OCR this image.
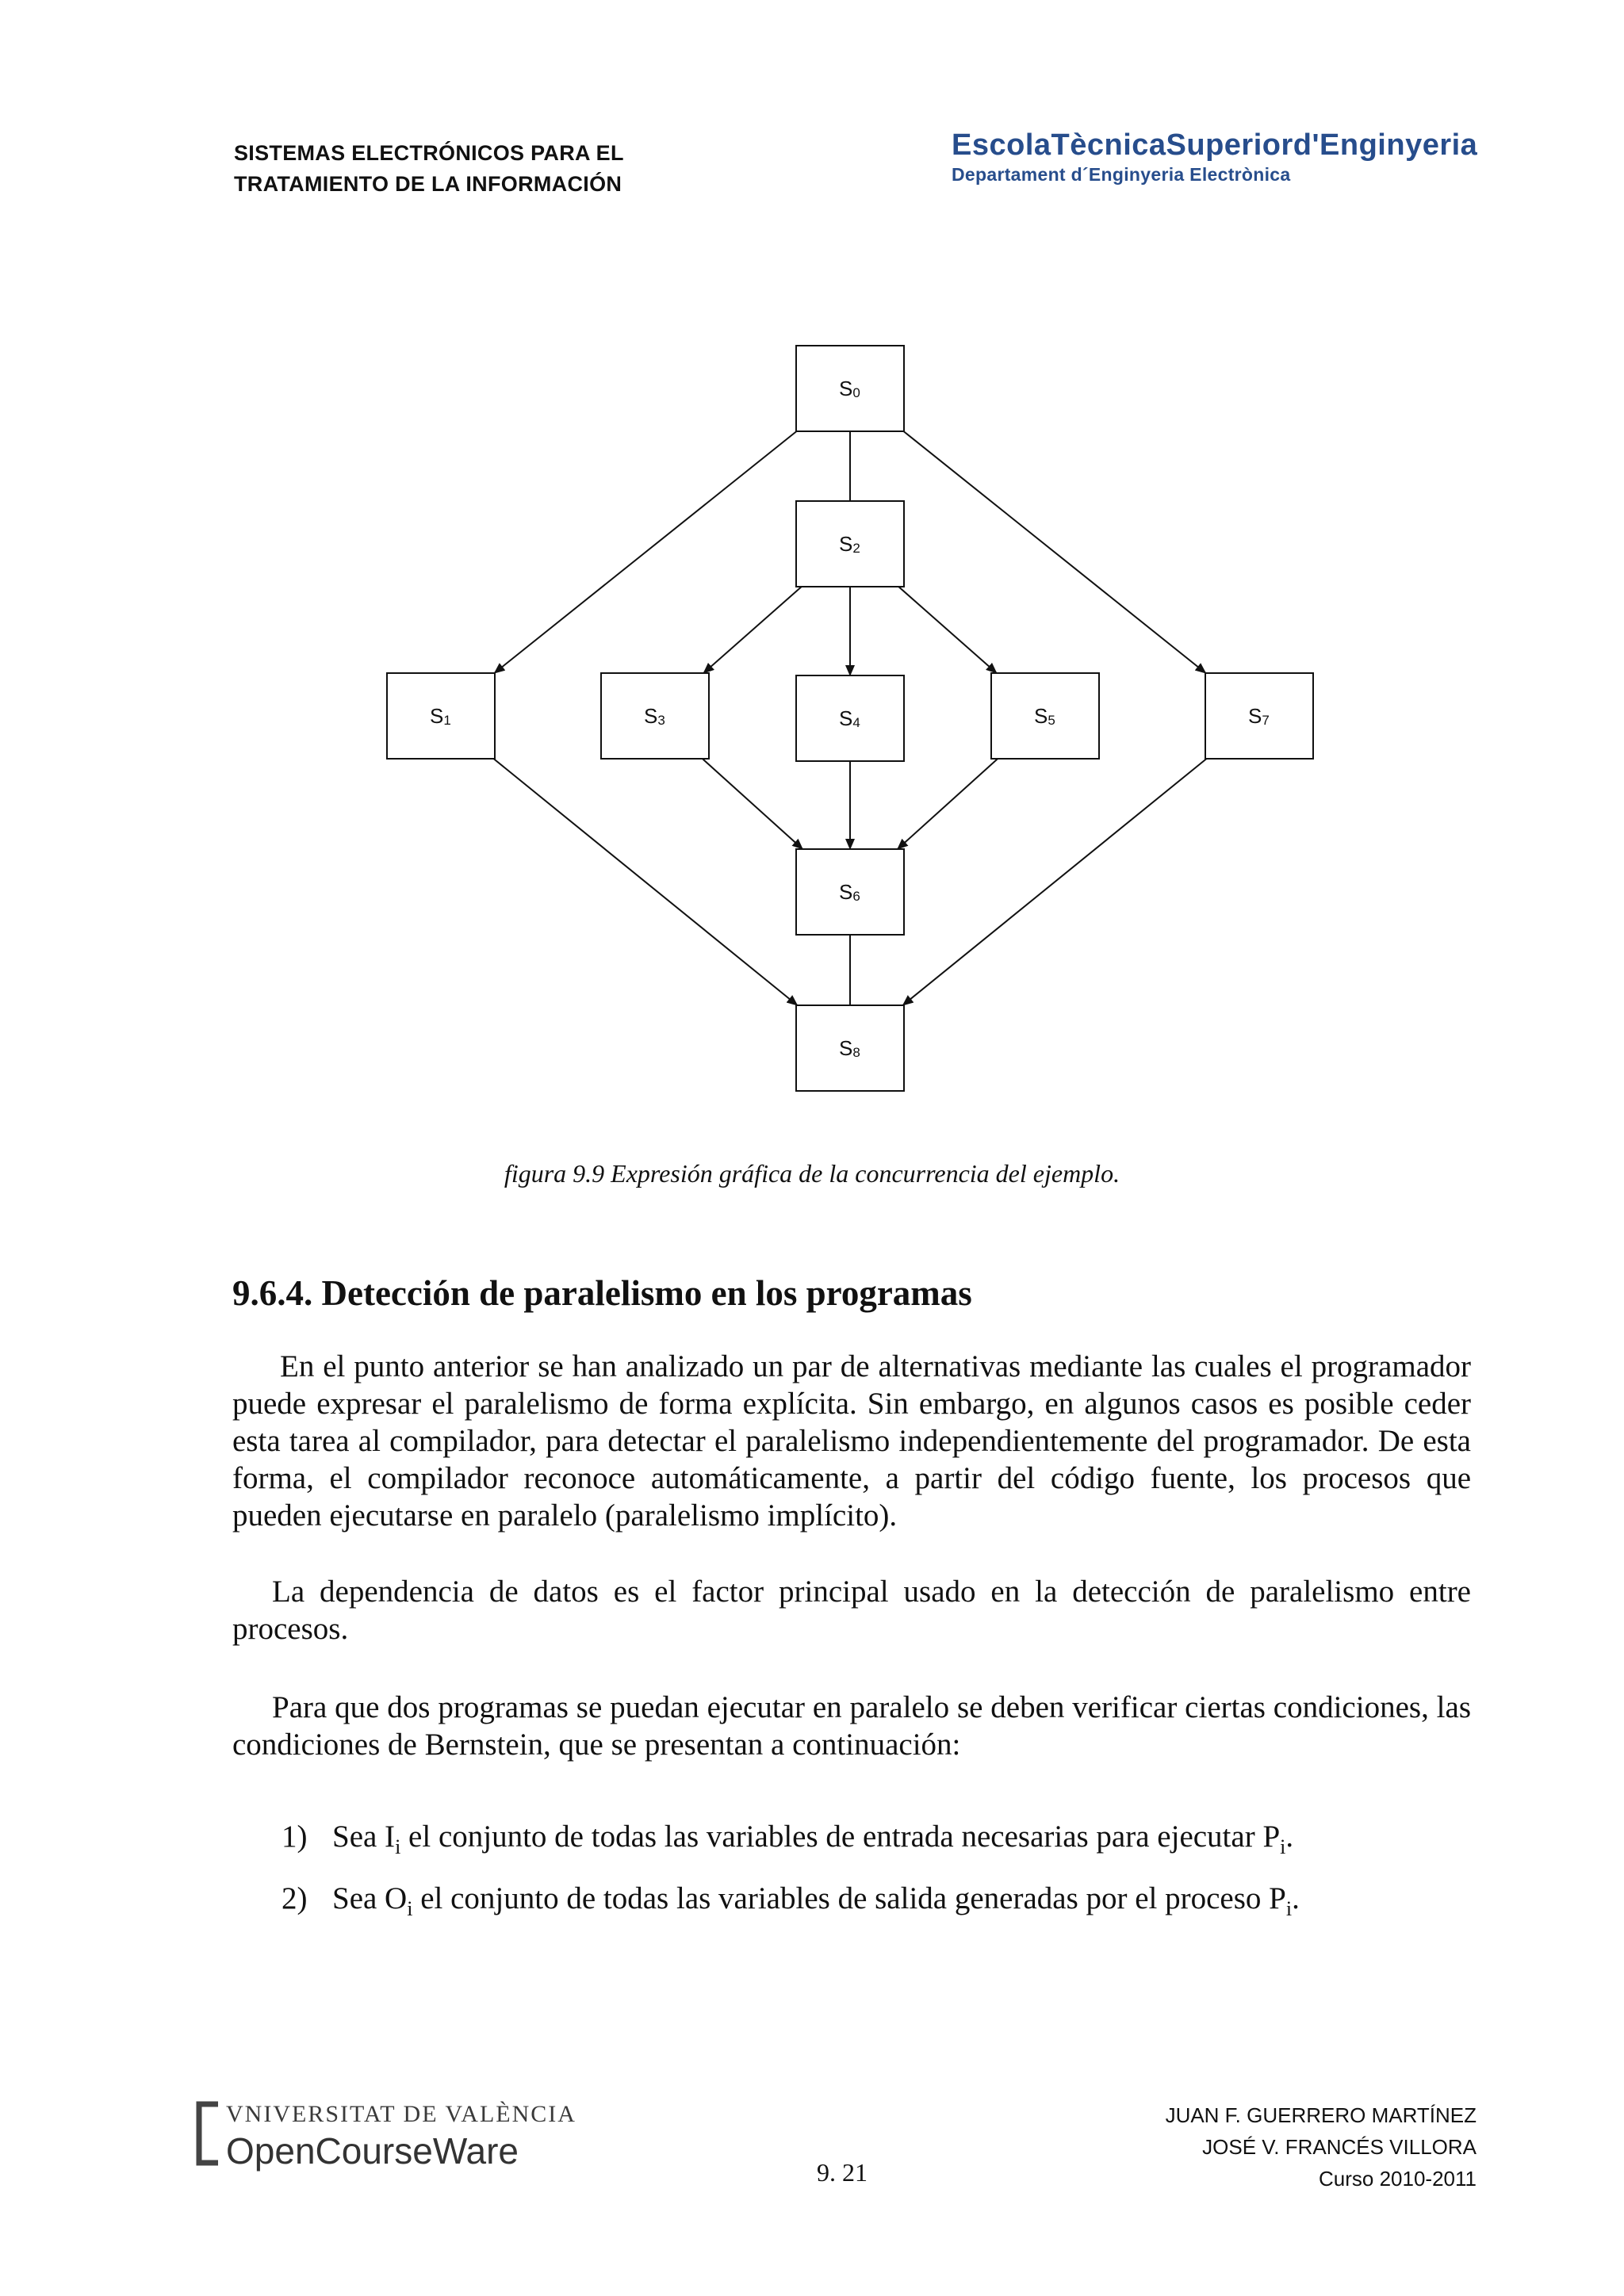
SISTEMAS ELECTRÓNICOS PARA EL
TRATAMIENTO DE LA INFORMACIÓN
EscolaTècnicaSuperiord'Enginyeria
Departament d´Enginyeria Electrònica
S0
S2
S1	S3	S4	S5	S7
S6
S8
figura 9.9 Expresión gráfica de la concurrencia del ejemplo.
9.6.4. Detección de paralelismo en los programas
En el punto anterior se han analizado un par de alternativas mediante las cuales el programador puede expresar el paralelismo de forma explícita. Sin embargo, en algunos casos es posible ceder esta tarea al compilador, para detectar el paralelismo independientemente del programador. De esta forma, el compilador reconoce automáticamente, a partir del código fuente, los procesos que pueden ejecutarse en paralelo (paralelismo implícito).
La dependencia de datos es el factor principal usado en la detección de paralelismo entre procesos.
Para que dos programas se puedan ejecutar en paralelo se deben verificar ciertas condiciones, las condiciones de Bernstein, que se presentan a continuación:
1) Sea $I_i$ el conjunto de todas las variables de entrada necesarias para ejecutar $P_i$.
2) Sea $O_i$ el conjunto de todas las variables de salida generadas por el proceso $P_i$.
VNIVERSITAT DE VALÈNCIA
OpenCourseWare
9. 21
JUAN F. GUERRERO MARTÍNEZ
JOSÉ V. FRANCÉS VILLORA
Curso 2010-2011
